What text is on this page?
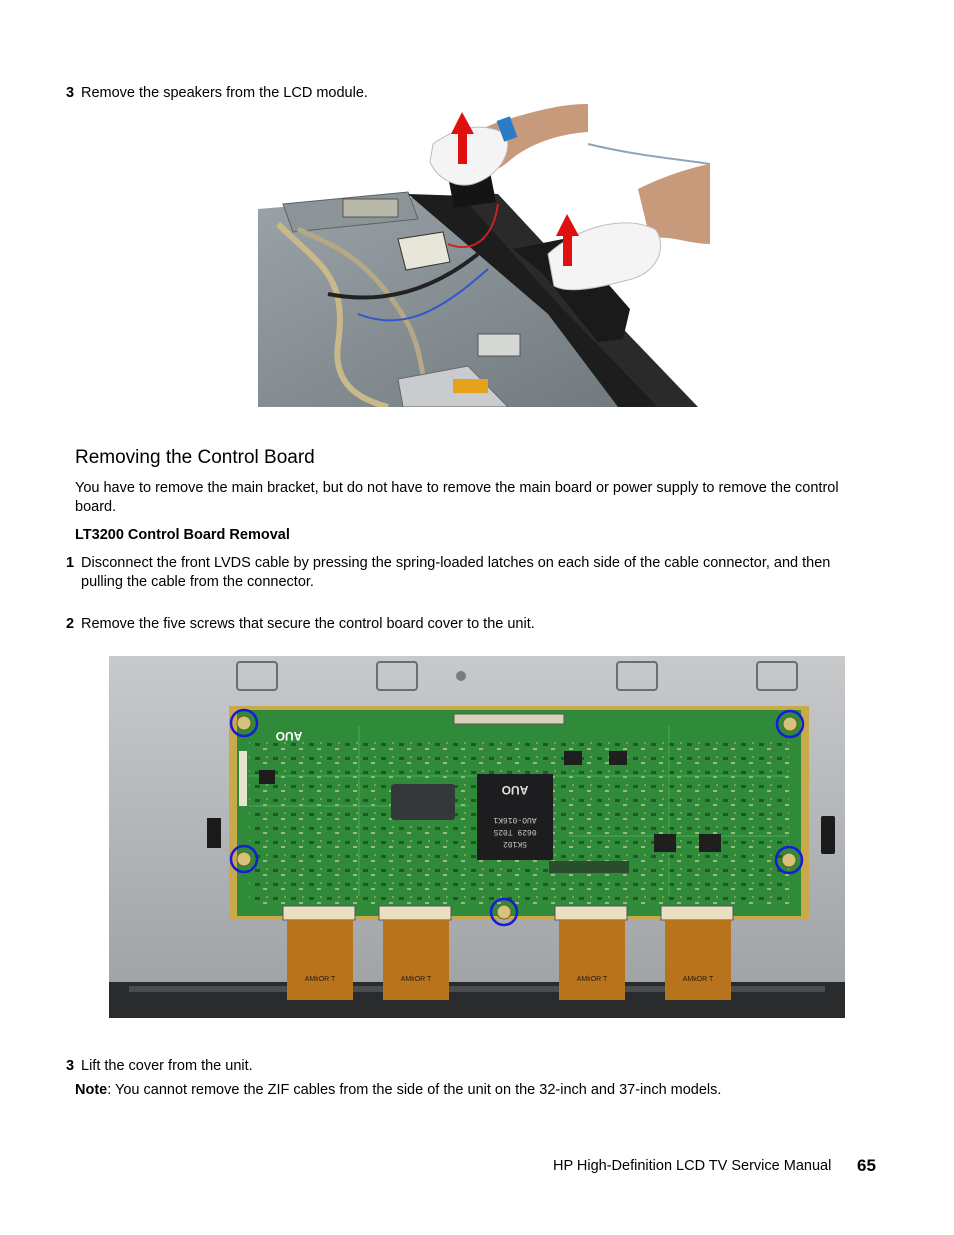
3 Remove the speakers from the LCD module.
Removing the Control Board
You have to remove the main bracket, but do not have to remove the main board or power supply to remove the control board.
LT3200 Control Board Removal
1 Disconnect the front LVDS cable by pressing the spring-loaded latches on each side of the cable connector, and then pulling the cable from the connector.
2 Remove the five screws that secure the control board cover to the unit.
AUO
AUO-016K1
0629 T025
5K102
AUO
AMkOR T	AMkOR T	AMkOR T	AMkOR T
3 Lift the cover from the unit.
Note: You cannot remove the ZIF cables from the side of the unit on the 32-inch and 37-inch models.
HP High-Definition LCD TV Service Manual 65
